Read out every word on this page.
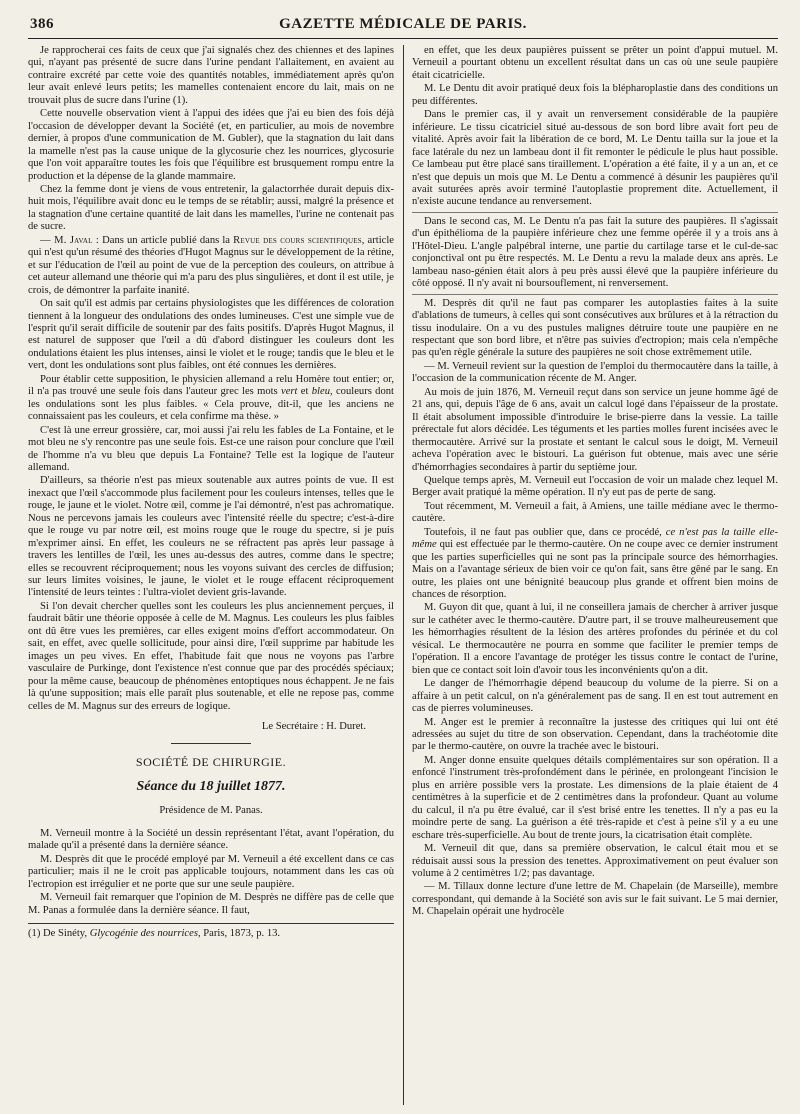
386	GAZETTE MÉDICALE DE PARIS.

Je rapprocherai ces faits de ceux que j'ai signalés chez des chiennes et des lapines qui, n'ayant pas présenté de sucre dans l'urine pendant l'allaitement, en avaient au contraire excrété par cette voie des quantités notables, immédiatement après qu'on leur avait enlevé leurs petits; les mamelles contenaient encore du lait, mais on ne trouvait plus de sucre dans l'urine (1).

Cette nouvelle observation vient à l'appui des idées que j'ai eu bien des fois déjà l'occasion de développer devant la Société (et, en particulier, au mois de novembre dernier, à propos d'une communication de M. Gubler), que la stagnation du lait dans la mamelle n'est pas la cause unique de la glycosurie chez les nourrices, glycosurie que l'on voit apparaître toutes les fois que l'équilibre est brusquement rompu entre la production et la dépense de la glande mammaire.

Chez la femme dont je viens de vous entretenir, la galactorrhée durait depuis dix-huit mois, l'équilibre avait donc eu le temps de se rétablir; aussi, malgré la présence et la stagnation d'une certaine quantité de lait dans les mamelles, l'urine ne contenait pas de sucre.

— M. Javal : Dans un article publié dans la Revue des cours scientifiques, article qui n'est qu'un résumé des théories d'Hugot Magnus sur le développement de la rétine, et sur l'éducation de l'œil au point de vue de la perception des couleurs, on attribue à cet auteur allemand une théorie qui m'a paru des plus singulières, et dont il est utile, je crois, de démontrer la parfaite inanité.

On sait qu'il est admis par certains physiologistes que les différences de coloration tiennent à la longueur des ondulations des ondes lumineuses. C'est une simple vue de l'esprit qu'il serait difficile de soutenir par des faits positifs. D'après Hugot Magnus, il est naturel de supposer que l'œil a dû d'abord distinguer les couleurs dont les ondulations étaient les plus intenses, ainsi le violet et le rouge; tandis que le bleu et le vert, dont les ondulations sont plus faibles, ont été connues les dernières.

Pour établir cette supposition, le physicien allemand a relu Homère tout entier; or, il n'a pas trouvé une seule fois dans l'auteur grec les mots vert et bleu, couleurs dont les ondulations sont les plus faibles. « Cela prouve, dit-il, que les anciens ne connaissaient pas les couleurs, et cela confirme ma thèse. »

C'est là une erreur grossière, car, moi aussi j'ai relu les fables de La Fontaine, et le mot bleu ne s'y rencontre pas une seule fois. Est-ce une raison pour conclure que l'œil de l'homme n'a vu bleu que depuis La Fontaine? Telle est la logique de l'auteur allemand.

D'ailleurs, sa théorie n'est pas mieux soutenable aux autres points de vue. Il est inexact que l'œil s'accommode plus facilement pour les couleurs intenses, telles que le rouge, le jaune et le violet. Notre œil, comme je l'ai démontré, n'est pas achromatique. Nous ne percevons jamais les couleurs avec l'intensité réelle du spectre; c'est-à-dire que le rouge vu par notre œil, est moins rouge que le rouge du spectre, si je puis m'exprimer ainsi. En effet, les couleurs ne se réfractent pas après leur passage à travers les lentilles de l'œil, les unes au-dessus des autres, comme dans le spectre; elles se recouvrent réciproquement; nous les voyons suivant des cercles de diffusion; sur leurs limites voisines, le jaune, le violet et le rouge effacent réciproquement l'intensité de leurs teintes : l'ultra-violet devient gris-lavande.

Si l'on devait chercher quelles sont les couleurs les plus anciennement perçues, il faudrait bâtir une théorie opposée à celle de M. Magnus. Les couleurs les plus faibles ont dû être vues les premières, car elles exigent moins d'effort accommodateur. On sait, en effet, avec quelle sollicitude, pour ainsi dire, l'œil supprime par habitude les images un peu vives. En effet, l'habitude fait que nous ne voyons pas l'arbre vasculaire de Purkinge, dont l'existence n'est connue que par des procédés spéciaux; pour la même cause, beaucoup de phénomènes entoptiques nous échappent. Je ne fais là qu'une supposition; mais elle paraît plus soutenable, et elle ne repose pas, comme celles de M. Magnus sur des erreurs de logique.

Le Secrétaire : H. Duret.

SOCIÉTÉ DE CHIRURGIE.

Séance du 18 juillet 1877.

Présidence de M. Panas.

M. Verneuil montre à la Société un dessin représentant l'état, avant l'opération, du malade qu'il a présenté dans la dernière séance.

M. Desprès dit que le procédé employé par M. Verneuil a été excellent dans ce cas particulier; mais il ne le croit pas applicable toujours, notamment dans les cas où l'ectropion est irrégulier et ne porte que sur une seule paupière.

M. Verneuil fait remarquer que l'opinion de M. Desprès ne diffère pas de celle que M. Panas a formulée dans la dernière séance. Il faut,

(1) De Sinéty, Glycogénie des nourrices, Paris, 1873, p. 13.

en effet, que les deux paupières puissent se prêter un point d'appui mutuel. M. Verneuil a pourtant obtenu un excellent résultat dans un cas où une seule paupière était cicatricielle.

M. Le Dentu dit avoir pratiqué deux fois la blépharoplastie dans des conditions un peu différentes.

Dans le premier cas, il y avait un renversement considérable de la paupière inférieure. Le tissu cicatriciel situé au-dessous de son bord libre avait fort peu de vitalité. Après avoir fait la libération de ce bord, M. Le Dentu tailla sur la joue et la face latérale du nez un lambeau dont il fit remonter le pédicule le plus haut possible. Ce lambeau put être placé sans tiraillement. L'opération a été faite, il y a un an, et ce n'est que depuis un mois que M. Le Dentu a commencé à désunir les paupières qu'il avait suturées après avoir terminé l'autoplastie proprement dite. Actuellement, il n'existe aucune tendance au renversement.

Dans le second cas, M. Le Dentu n'a pas fait la suture des paupières. Il s'agissait d'un épithélioma de la paupière inférieure chez une femme opérée il y a trois ans à l'Hôtel-Dieu. L'angle palpébral interne, une partie du cartilage tarse et le cul-de-sac conjonctival ont pu être respectés. M. Le Dentu a revu la malade deux ans après. Le lambeau naso-génien était alors à peu près aussi élevé que la paupière inférieure du côté opposé. Il n'y avait ni boursouflement, ni renversement.

M. Desprès dit qu'il ne faut pas comparer les autoplasties faites à la suite d'ablations de tumeurs, à celles qui sont consécutives aux brûlures et à la rétraction du tissu inodulaire. On a vu des pustules malignes détruire toute une paupière en ne respectant que son bord libre, et n'être pas suivies d'ectropion; mais cela n'empêche pas qu'en règle générale la suture des paupières ne soit chose extrêmement utile.

— M. Verneuil revient sur la question de l'emploi du thermocautère dans la taille, à l'occasion de la communication récente de M. Anger.

Au mois de juin 1876, M. Verneuil reçut dans son service un jeune homme âgé de 21 ans, qui, depuis l'âge de 6 ans, avait un calcul logé dans l'épaisseur de la prostate. Il était absolument impossible d'introduire le brise-pierre dans la vessie. La taille prérectale fut alors décidée. Les téguments et les parties molles furent incisées avec le thermocautère. Arrivé sur la prostate et sentant le calcul sous le doigt, M. Verneuil acheva l'opération avec le bistouri. La guérison fut obtenue, mais avec une série d'hémorrhagies secondaires à partir du septième jour.

Quelque temps après, M. Verneuil eut l'occasion de voir un malade chez lequel M. Berger avait pratiqué la même opération. Il n'y eut pas de perte de sang.

Tout récemment, M. Verneuil a fait, à Amiens, une taille médiane avec le thermo-cautère.

Toutefois, il ne faut pas oublier que, dans ce procédé, ce n'est pas la taille elle-même qui est effectuée par le thermo-cautère. On ne coupe avec ce dernier instrument que les parties superficielles qui ne sont pas la principale source des hémorrhagies. Mais on a l'avantage sérieux de bien voir ce qu'on fait, sans être gêné par le sang. En outre, les plaies ont une bénignité beaucoup plus grande et offrent bien moins de chances de résorption.

M. Guyon dit que, quant à lui, il ne conseillera jamais de chercher à arriver jusque sur le cathéter avec le thermo-cautère. D'autre part, il se trouve malheureusement que les hémorrhagies résultent de la lésion des artères profondes du périnée et du col vésical. Le thermocautère ne pourra en somme que faciliter le premier temps de l'opération. Il a encore l'avantage de protéger les tissus contre le contact de l'urine, bien que ce contact soit loin d'avoir tous les inconvénients qu'on a dit.

Le danger de l'hémorrhagie dépend beaucoup du volume de la pierre. Si on a affaire à un petit calcul, on n'a généralement pas de sang. Il en est tout autrement en cas de pierres volumineuses.

M. Anger est le premier à reconnaître la justesse des critiques qui lui ont été adressées au sujet du titre de son observation. Cependant, dans la trachéotomie dite par le thermo-cautère, on ouvre la trachée avec le bistouri.

M. Anger donne ensuite quelques détails complémentaires sur son opération. Il a enfoncé l'instrument très-profondément dans le périnée, en prolongeant l'incision le plus en arrière possible vers la prostate. Les dimensions de la plaie étaient de 4 centimètres à la superficie et de 2 centimètres dans la profondeur. Quant au volume du calcul, il n'a pu être évalué, car il s'est brisé entre les tenettes. Il n'y a pas eu la moindre perte de sang. La guérison a été très-rapide et c'est à peine s'il y a eu une eschare très-superficielle. Au bout de trente jours, la cicatrisation était complète.

M. Verneuil dit que, dans sa première observation, le calcul était mou et se réduisait aussi sous la pression des tenettes. Approximativement on peut évaluer son volume à 2 centimètres 1/2; pas davantage.

— M. Tillaux donne lecture d'une lettre de M. Chapelain (de Marseille), membre correspondant, qui demande à la Société son avis sur le fait suivant. Le 5 mai dernier, M. Chapelain opérait une hydrocèle
